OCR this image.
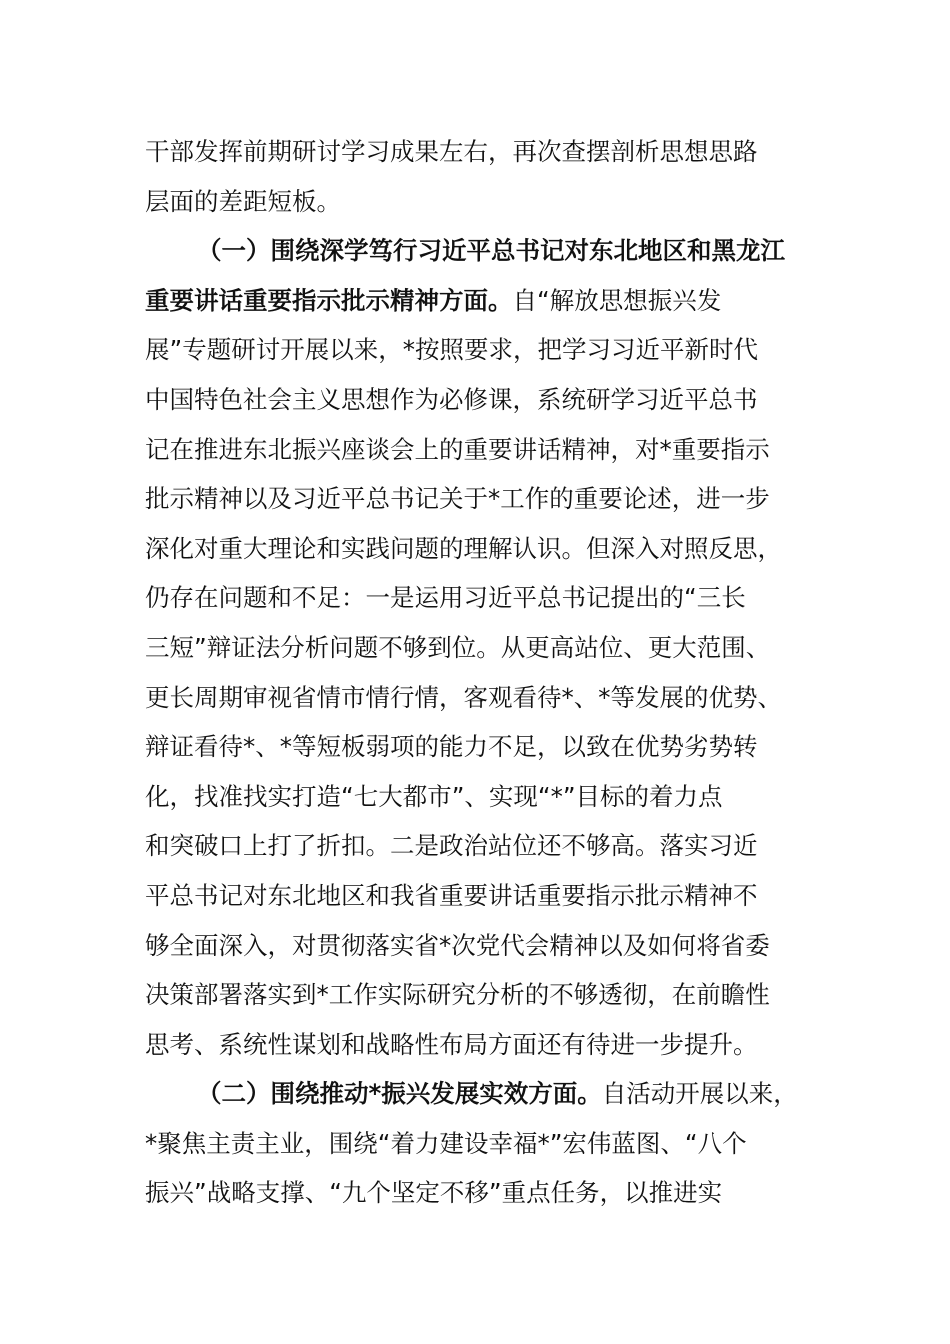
干部发挥前期研讨学习成果左右，再次查摆剖析思想思路
层面的差距短板。
（一）围绕深学笃行习近平总书记对东北地区和黑龙江
重要讲话重要指示批示精神方面。自“解放思想振兴发
展”专题研讨开展以来，*按照要求，把学习习近平新时代
中国特色社会主义思想作为必修课，系统研学习近平总书
记在推进东北振兴座谈会上的重要讲话精神，对*重要指示
批示精神以及习近平总书记关于*工作的重要论述，进一步
深化对重大理论和实践问题的理解认识。但深入对照反思，
仍存在问题和不足：一是运用习近平总书记提出的“三长
三短”辩证法分析问题不够到位。从更高站位、更大范围、
更长周期审视省情市情行情，客观看待*、*等发展的优势、
辩证看待*、*等短板弱项的能力不足，以致在优势劣势转
化，找准找实打造“七大都市”、实现“*”目标的着力点
和突破口上打了折扣。二是政治站位还不够高。落实习近
平总书记对东北地区和我省重要讲话重要指示批示精神不
够全面深入，对贯彻落实省*次党代会精神以及如何将省委
决策部署落实到*工作实际研究分析的不够透彻，在前瞻性
思考、系统性谋划和战略性布局方面还有待进一步提升。
（二）围绕推动*振兴发展实效方面。自活动开展以来，
*聚焦主责主业，围绕“着力建设幸福*”宏伟蓝图、“八个
振兴”战略支撑、“九个坚定不移”重点任务，以推进实
